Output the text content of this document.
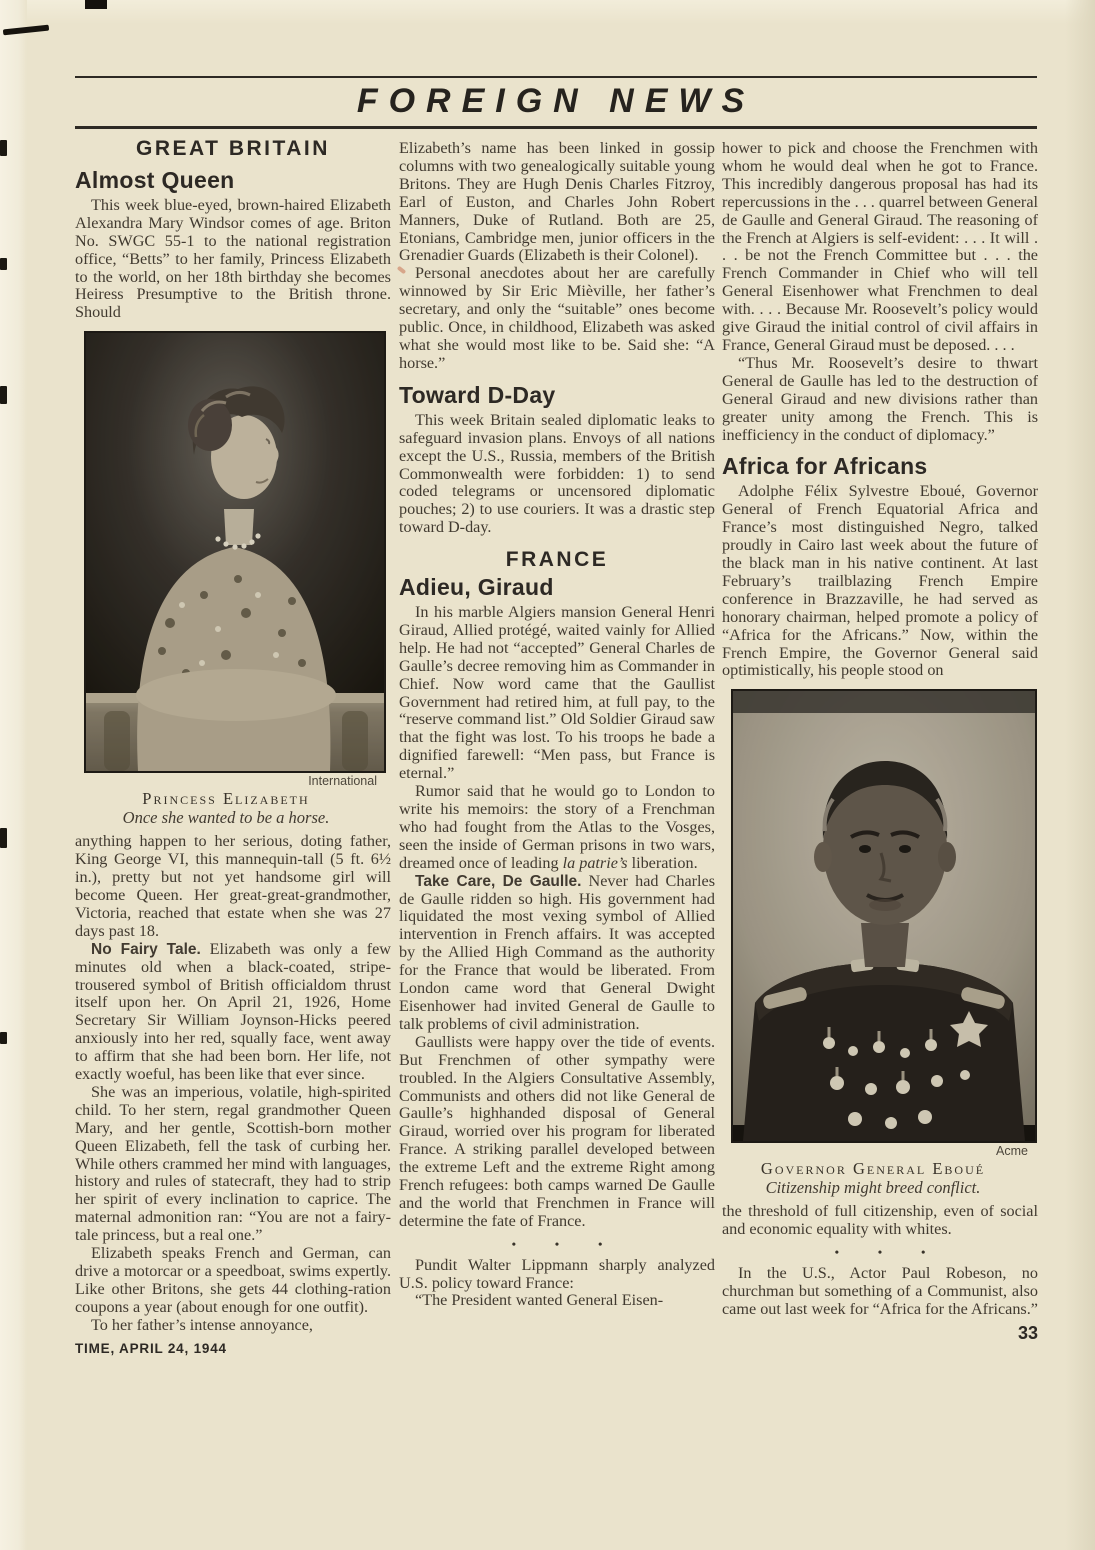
FOREIGN NEWS

GREAT BRITAIN

Almost Queen

This week blue-eyed, brown-haired Elizabeth Alexandra Mary Windsor comes of age. Briton No. SWGC 55-1 to the national registration office, “Betts” to her family, Princess Elizabeth to the world, on her 18th birthday she becomes Heiress Presumptive to the British throne. Should

International

Princess Elizabeth

Once she wanted to be a horse.

anything happen to her serious, doting father, King George VI, this mannequin-tall (5 ft. 6½ in.), pretty but not yet handsome girl will become Queen. Her great-great-grandmother, Victoria, reached that estate when she was 27 days past 18.

No Fairy Tale. Elizabeth was only a few minutes old when a black-coated, stripe-trousered symbol of British officialdom thrust itself upon her. On April 21, 1926, Home Secretary Sir William Joynson-Hicks peered anxiously into her red, squally face, went away to affirm that she had been born. Her life, not exactly woeful, has been like that ever since.

She was an imperious, volatile, high-spirited child. To her stern, regal grandmother Queen Mary, and her gentle, Scottish-born mother Queen Elizabeth, fell the task of curbing her. While others crammed her mind with languages, history and rules of statecraft, they had to strip her spirit of every inclination to caprice. The maternal admonition ran: “You are not a fairy-tale princess, but a real one.”

Elizabeth speaks French and German, can drive a motorcar or a speedboat, swims expertly. Like other Britons, she gets 44 clothing-ration coupons a year (about enough for one outfit).

To her father’s intense annoyance,

TIME, APRIL 24, 1944

Elizabeth’s name has been linked in gossip columns with two genealogically suitable young Britons. They are Hugh Denis Charles Fitzroy, Earl of Euston, and Charles John Robert Manners, Duke of Rutland. Both are 25, Etonians, Cambridge men, junior officers in the Grenadier Guards (Elizabeth is their Colonel).

Personal anecdotes about her are carefully winnowed by Sir Eric Mièville, her father’s secretary, and only the “suitable” ones become public. Once, in childhood, Elizabeth was asked what she would most like to be. Said she: “A horse.”

Toward D-Day

This week Britain sealed diplomatic leaks to safeguard invasion plans. Envoys of all nations except the U.S., Russia, members of the British Commonwealth were forbidden: 1) to send coded telegrams or uncensored diplomatic pouches; 2) to use couriers. It was a drastic step toward D-day.

FRANCE

Adieu, Giraud

In his marble Algiers mansion General Henri Giraud, Allied protégé, waited vainly for Allied help. He had not “accepted” General Charles de Gaulle’s decree removing him as Commander in Chief. Now word came that the Gaullist Government had retired him, at full pay, to the “reserve command list.” Old Soldier Giraud saw that the fight was lost. To his troops he bade a dignified farewell: “Men pass, but France is eternal.”

Rumor said that he would go to London to write his memoirs: the story of a Frenchman who had fought from the Atlas to the Vosges, seen the inside of German prisons in two wars, dreamed once of leading la patrie’s liberation.

Take Care, De Gaulle. Never had Charles de Gaulle ridden so high. His government had liquidated the most vexing symbol of Allied intervention in French affairs. It was accepted by the Allied High Command as the authority for the France that would be liberated. From London came word that General Dwight Eisenhower had invited General de Gaulle to talk problems of civil administration.

Gaullists were happy over the tide of events. But Frenchmen of other sympathy were troubled. In the Algiers Consultative Assembly, Communists and others did not like General de Gaulle’s highhanded disposal of General Giraud, worried over his program for liberated France. A striking parallel developed between the extreme Left and the extreme Right among French refugees: both camps warned De Gaulle and the world that Frenchmen in France will determine the fate of France.

• • •

Pundit Walter Lippmann sharply analyzed U.S. policy toward France:

“The President wanted General Eisen-

hower to pick and choose the Frenchmen with whom he would deal when he got to France. This incredibly dangerous proposal has had its repercussions in the . . . quarrel between General de Gaulle and General Giraud. The reasoning of the French at Algiers is self-evident: . . . It will . . . be not the French Committee but . . . the French Commander in Chief who will tell General Eisenhower what Frenchmen to deal with. . . . Because Mr. Roosevelt’s policy would give Giraud the initial control of civil affairs in France, General Giraud must be deposed. . . .

“Thus Mr. Roosevelt’s desire to thwart General de Gaulle has led to the destruction of General Giraud and new divisions rather than greater unity among the French. This is inefficiency in the conduct of diplomacy.”

Africa for Africans

Adolphe Félix Sylvestre Eboué, Governor General of French Equatorial Africa and France’s most distinguished Negro, talked proudly in Cairo last week about the future of the black man in his native continent. At last February’s trailblazing French Empire conference in Brazzaville, he had served as honorary chairman, helped promote a policy of “Africa for the Africans.” Now, within the French Empire, the Governor General said optimistically, his people stood on

Acme

Governor General Eboué

Citizenship might breed conflict.

the threshold of full citizenship, even of social and economic equality with whites.

• • •

In the U.S., Actor Paul Robeson, no churchman but something of a Communist, also came out last week for “Africa for the Africans.”

33
